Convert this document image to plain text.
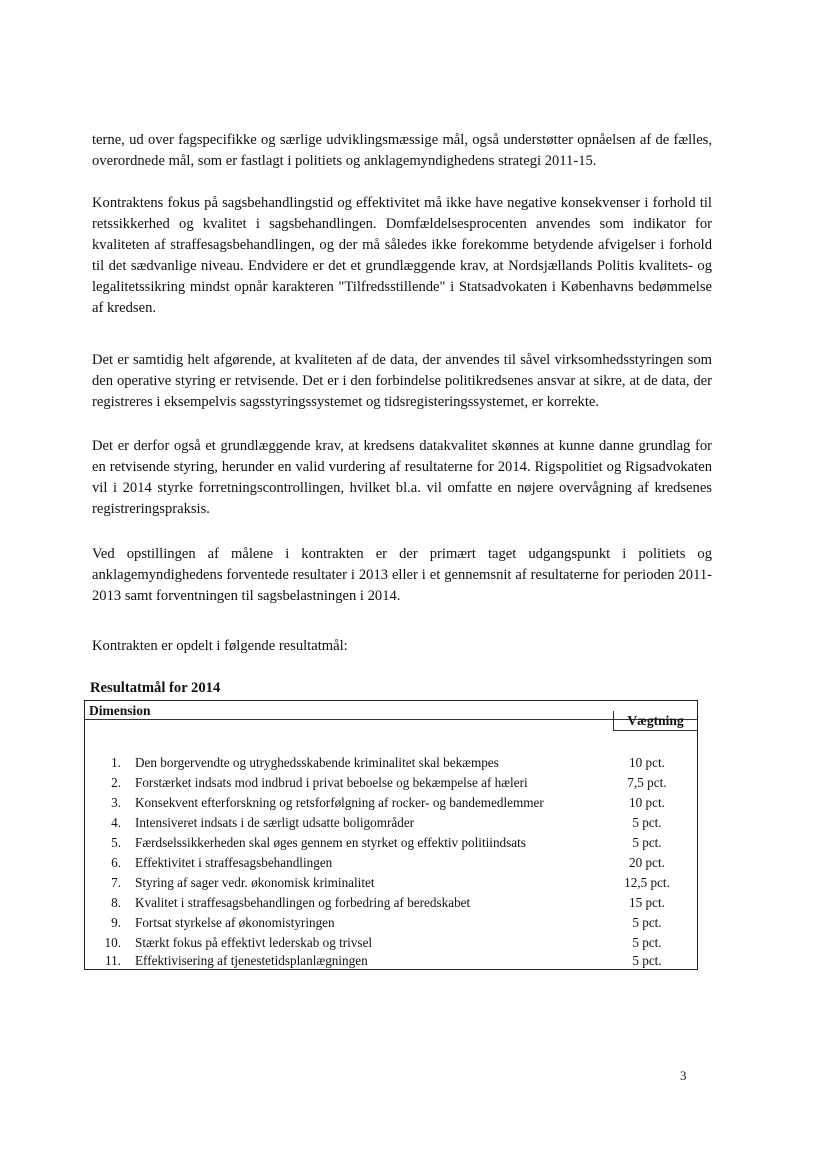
terne, ud over fagspecifikke og særlige udviklingsmæssige mål, også understøtter opnåelsen af de fælles, overordnede mål, som er fastlagt i politiets og anklagemyndighedens strategi 2011-15.

Kontraktens fokus på sagsbehandlingstid og effektivitet må ikke have negative konsekvenser i forhold til retssikkerhed og kvalitet i sagsbehandlingen. Domfældelsesprocenten anvendes som indikator for kvaliteten af straffesagsbehandlingen, og der må således ikke forekomme betydende afvigelser i forhold til det sædvanlige niveau. Endvidere er det et grundlæggende krav, at Nordsjællands Politis kvalitets- og legalitetssikring mindst opnår karakteren "Tilfredsstillende" i Statsadvokaten i Københavns bedømmelse af kredsen.

Det er samtidig helt afgørende, at kvaliteten af de data, der anvendes til såvel virksomhedsstyringen som den operative styring er retvisende. Det er i den forbindelse politikredsenes ansvar at sikre, at de data, der registreres i eksempelvis sagsstyringssystemet og tidsregisteringssystemet, er korrekte.

Det er derfor også et grundlæggende krav, at kredsens datakvalitet skønnes at kunne danne grundlag for en retvisende styring, herunder en valid vurdering af resultaterne for 2014. Rigspolitiet og Rigsadvokaten vil i 2014 styrke forretningscontrollingen, hvilket bl.a. vil omfatte en nøjere overvågning af kredsenes registreringspraksis.

Ved opstillingen af målene i kontrakten er der primært taget udgangspunkt i politiets og anklagemyndighedens forventede resultater i 2013 eller i et gennemsnit af resultaterne for perioden 2011-2013 samt forventningen til sagsbelastningen i 2014.

Kontrakten er opdelt i følgende resultatmål:

Resultatmål for 2014
Dimension
Vægtning
1. Den borgervendte og utryghedsskabende kriminalitet skal bekæmpes	10 pct.
2. Forstærket indsats mod indbrud i privat beboelse og bekæmpelse af hæleri	7,5 pct.
3. Konsekvent efterforskning og retsforfølgning af rocker- og bandemedlemmer	10 pct.
4. Intensiveret indsats i de særligt udsatte boligområder	5 pct.
5. Færdselssikkerheden skal øges gennem en styrket og effektiv politiindsats	5 pct.
6. Effektivitet i straffesagsbehandlingen	20 pct.
7. Styring af sager vedr. økonomisk kriminalitet	12,5 pct.
8. Kvalitet i straffesagsbehandlingen og forbedring af beredskabet	15 pct.
9. Fortsat styrkelse af økonomistyringen	5 pct.
10. Stærkt fokus på effektivt lederskab og trivsel	5 pct.
11. Effektivisering af tjenestetidsplanlægningen	5 pct.
3
